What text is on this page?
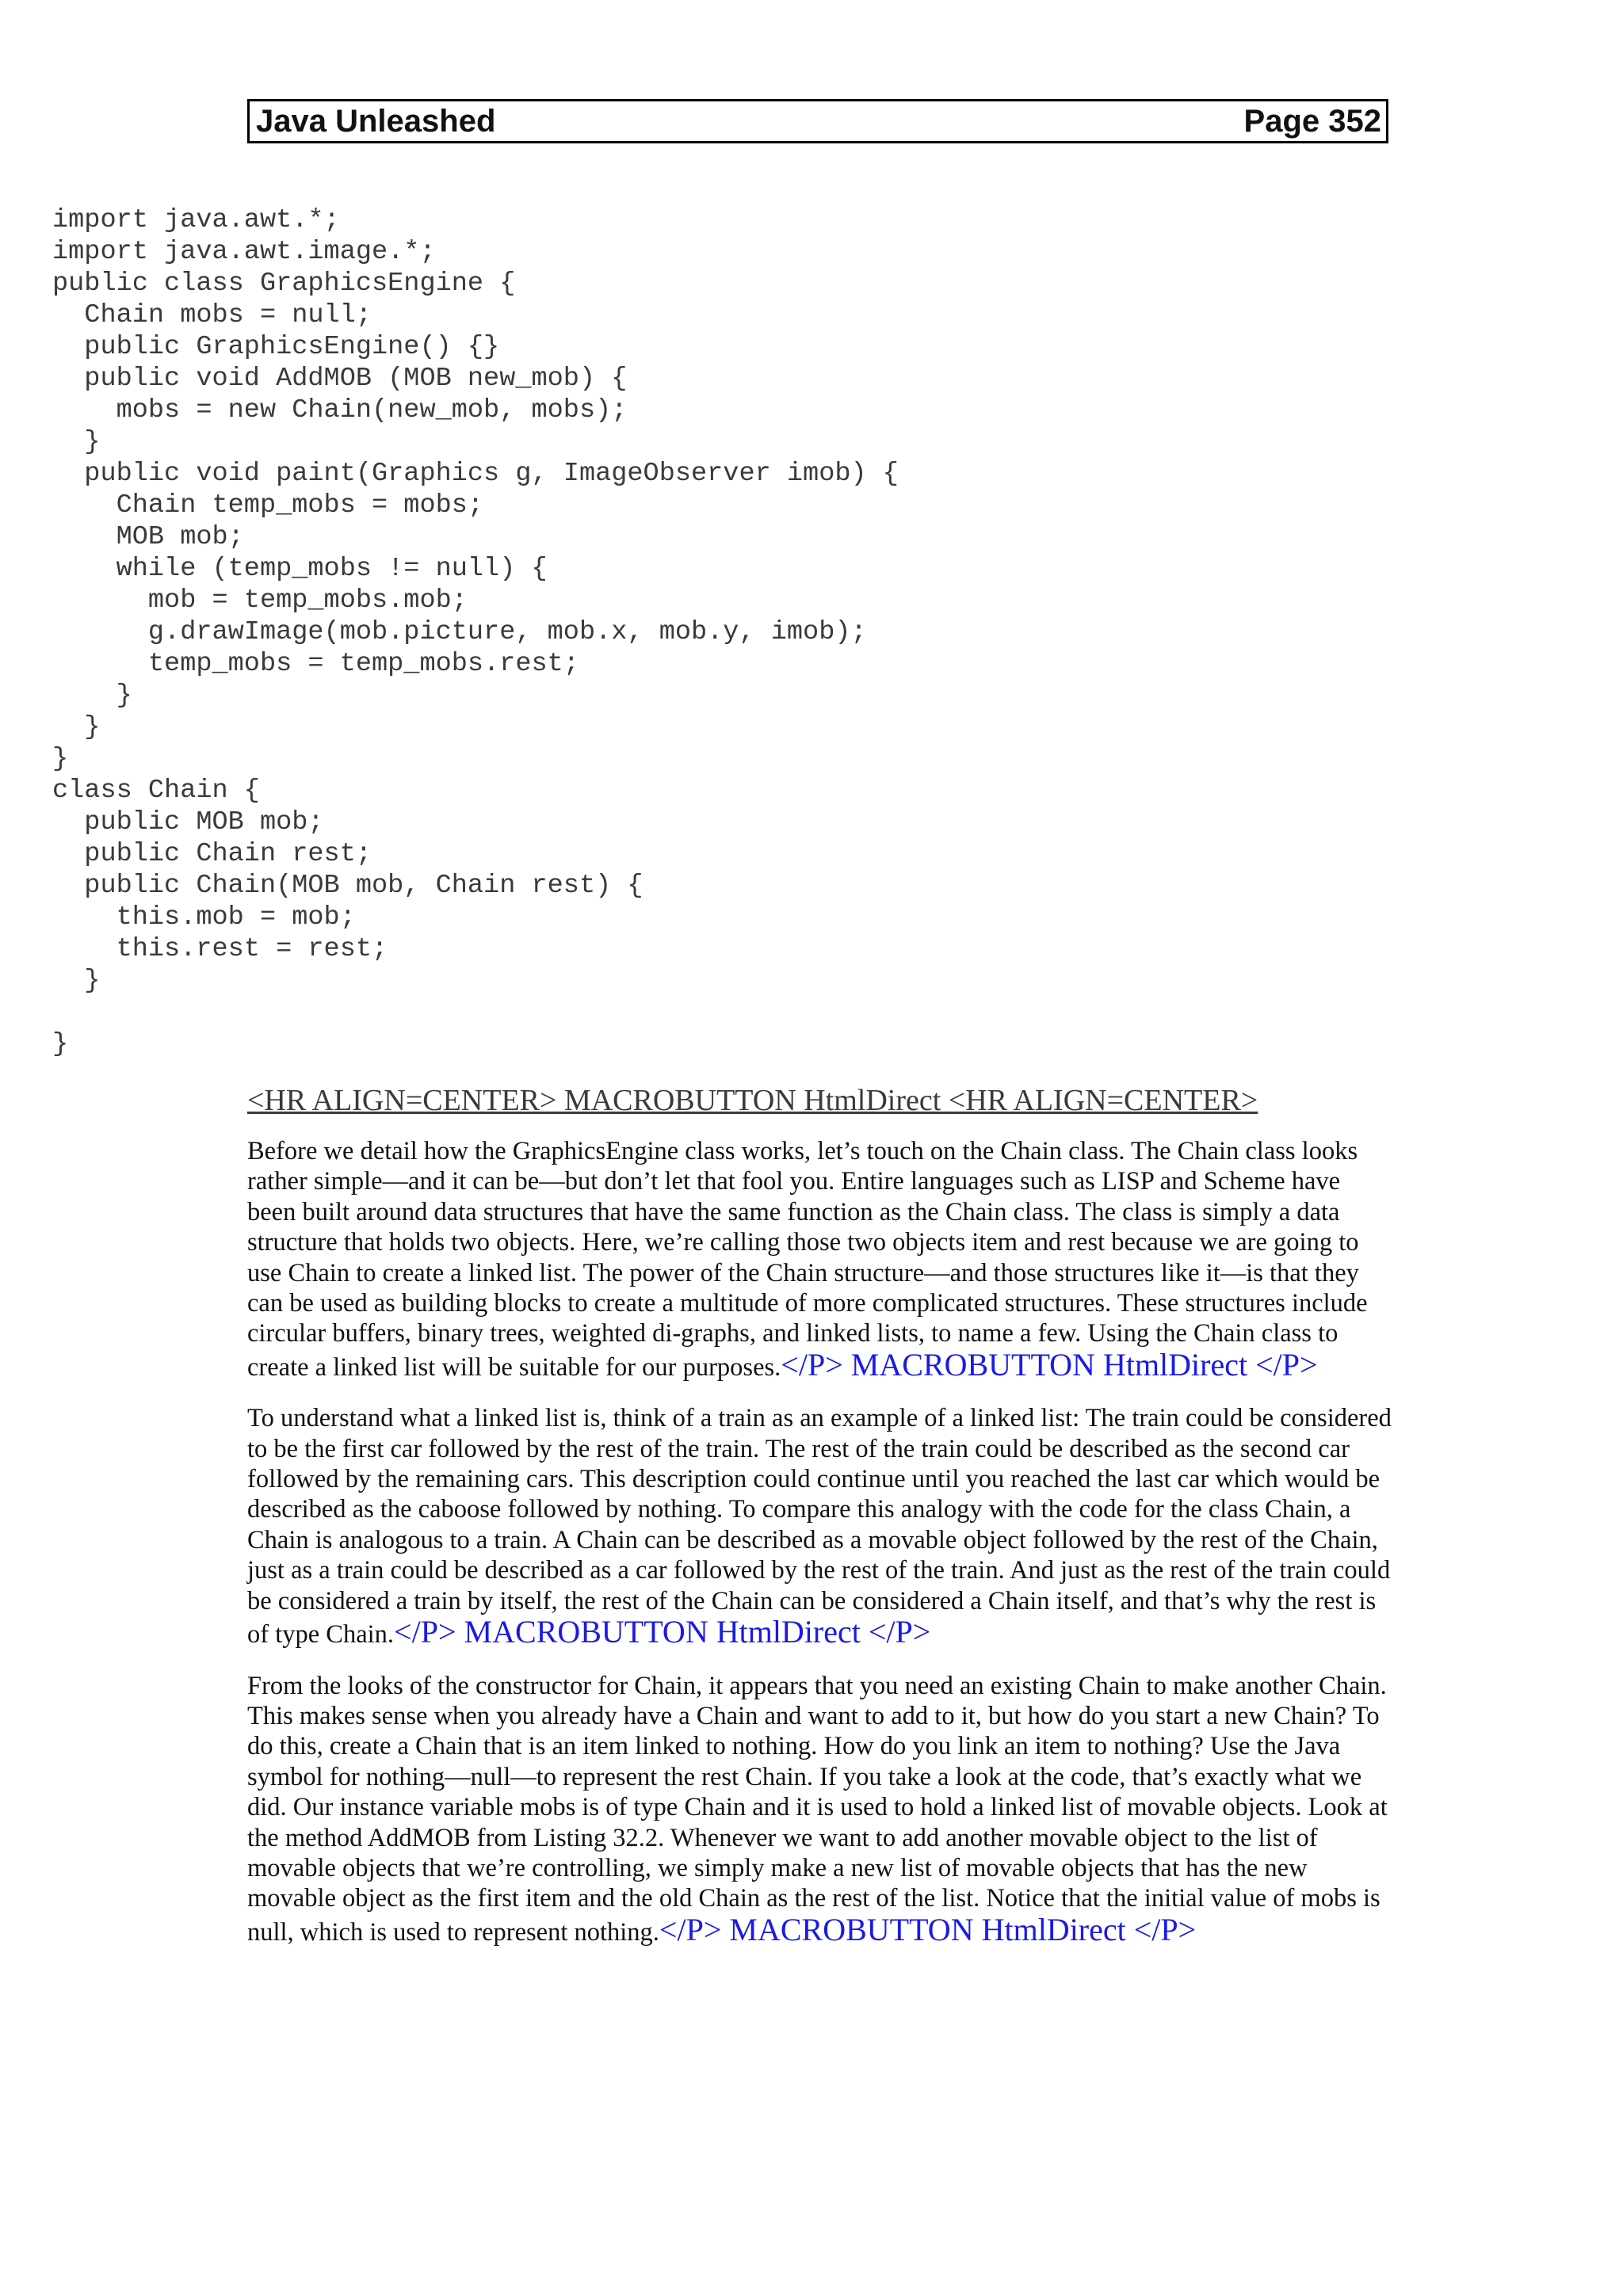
Java Unleashed	Page 352
import java.awt.*;
import java.awt.image.*;
public class GraphicsEngine {
Chain mobs = null;
public GraphicsEngine() {}
public void AddMOB (MOB new_mob) {
mobs = new Chain(new_mob, mobs);
}
public void paint(Graphics g, ImageObserver imob) {
Chain temp_mobs = mobs;
MOB mob;
while (temp_mobs != null) {
mob = temp_mobs.mob;
g.drawImage(mob.picture, mob.x, mob.y, imob);
temp_mobs = temp_mobs.rest;
}
}
}
class Chain {
public MOB mob;
public Chain rest;
public Chain(MOB mob, Chain rest) {
this.mob = mob;
this.rest = rest;
}
}
<HR ALIGN=CENTER> MACROBUTTON HtmlDirect <HR ALIGN=CENTER>

Before we detail how the GraphicsEngine class works, let’s touch on the Chain class. The Chain class looks rather simple—and it can be—but don’t let that fool you. Entire languages such as LISP and Scheme have been built around data structures that have the same function as the Chain class. The class is simply a data structure that holds two objects. Here, we’re calling those two objects item and rest because we are going to use Chain to create a linked list. The power of the Chain structure—and those structures like it—is that they can be used as building blocks to create a multitude of more complicated structures. These structures include circular buffers, binary trees, weighted di-graphs, and linked lists, to name a few. Using the Chain class to create a linked list will be suitable for our purposes.</P> MACROBUTTON HtmlDirect </P>

To understand what a linked list is, think of a train as an example of a linked list: The train could be considered to be the first car followed by the rest of the train. The rest of the train could be described as the second car followed by the remaining cars. This description could continue until you reached the last car which would be described as the caboose followed by nothing. To compare this analogy with the code for the class Chain, a Chain is analogous to a train. A Chain can be described as a movable object followed by the rest of the Chain, just as a train could be described as a car followed by the rest of the train. And just as the rest of the train could be considered a train by itself, the rest of the Chain can be considered a Chain itself, and that’s why the rest is of type Chain.</P> MACROBUTTON HtmlDirect </P>

From the looks of the constructor for Chain, it appears that you need an existing Chain to make another Chain. This makes sense when you already have a Chain and want to add to it, but how do you start a new Chain? To do this, create a Chain that is an item linked to nothing. How do you link an item to nothing? Use the Java symbol for nothing—null—to represent the rest Chain. If you take a look at the code, that’s exactly what we did. Our instance variable mobs is of type Chain and it is used to hold a linked list of movable objects. Look at the method AddMOB from Listing 32.2. Whenever we want to add another movable object to the list of movable objects that we’re controlling, we simply make a new list of movable objects that has the new movable object as the first item and the old Chain as the rest of the list. Notice that the initial value of mobs is null, which is used to represent nothing.</P> MACROBUTTON HtmlDirect </P>
